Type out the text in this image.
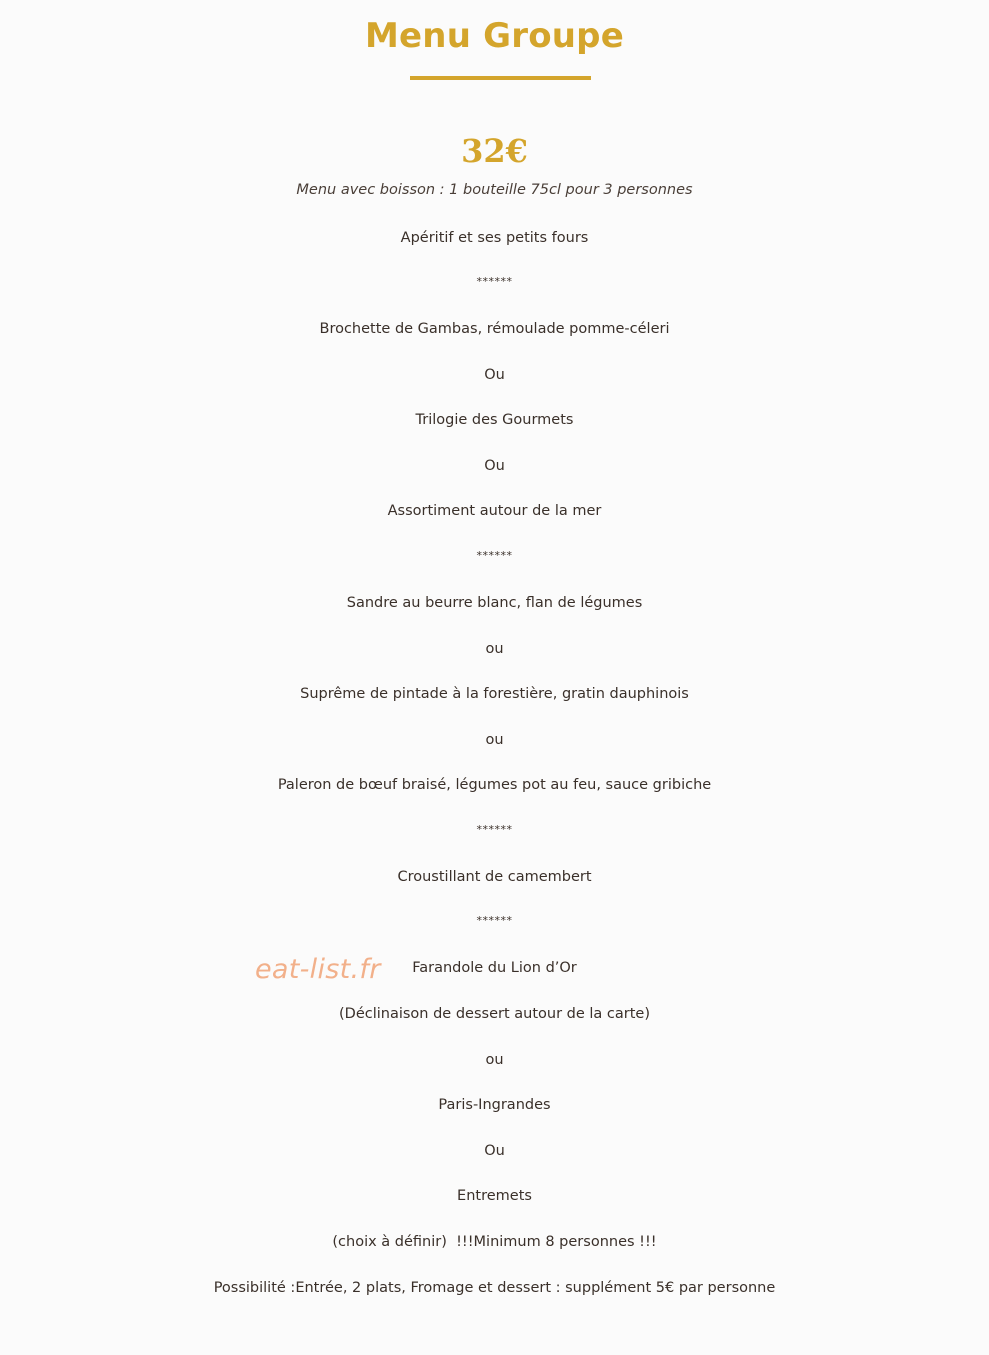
Menu Groupe
32€
Menu avec boisson : 1 bouteille 75cl pour 3 personnes
Apéritif et ses petits fours
******
Brochette de Gambas, rémoulade pomme-céleri
Ou
Trilogie des Gourmets
Ou
Assortiment autour de la mer
******
Sandre au beurre blanc, flan de légumes
ou
Suprême de pintade à la forestière, gratin dauphinois
ou
Paleron de bœuf braisé, légumes pot au feu, sauce gribiche
******
Croustillant de camembert
******
Farandole du Lion d’Or
(Déclinaison de dessert autour de la carte)
ou
Paris-Ingrandes
Ou
Entremets
(choix à définir)  !!!Minimum 8 personnes !!!
Possibilité :Entrée, 2 plats, Fromage et dessert : supplément 5€ par personne
eat-list.fr
